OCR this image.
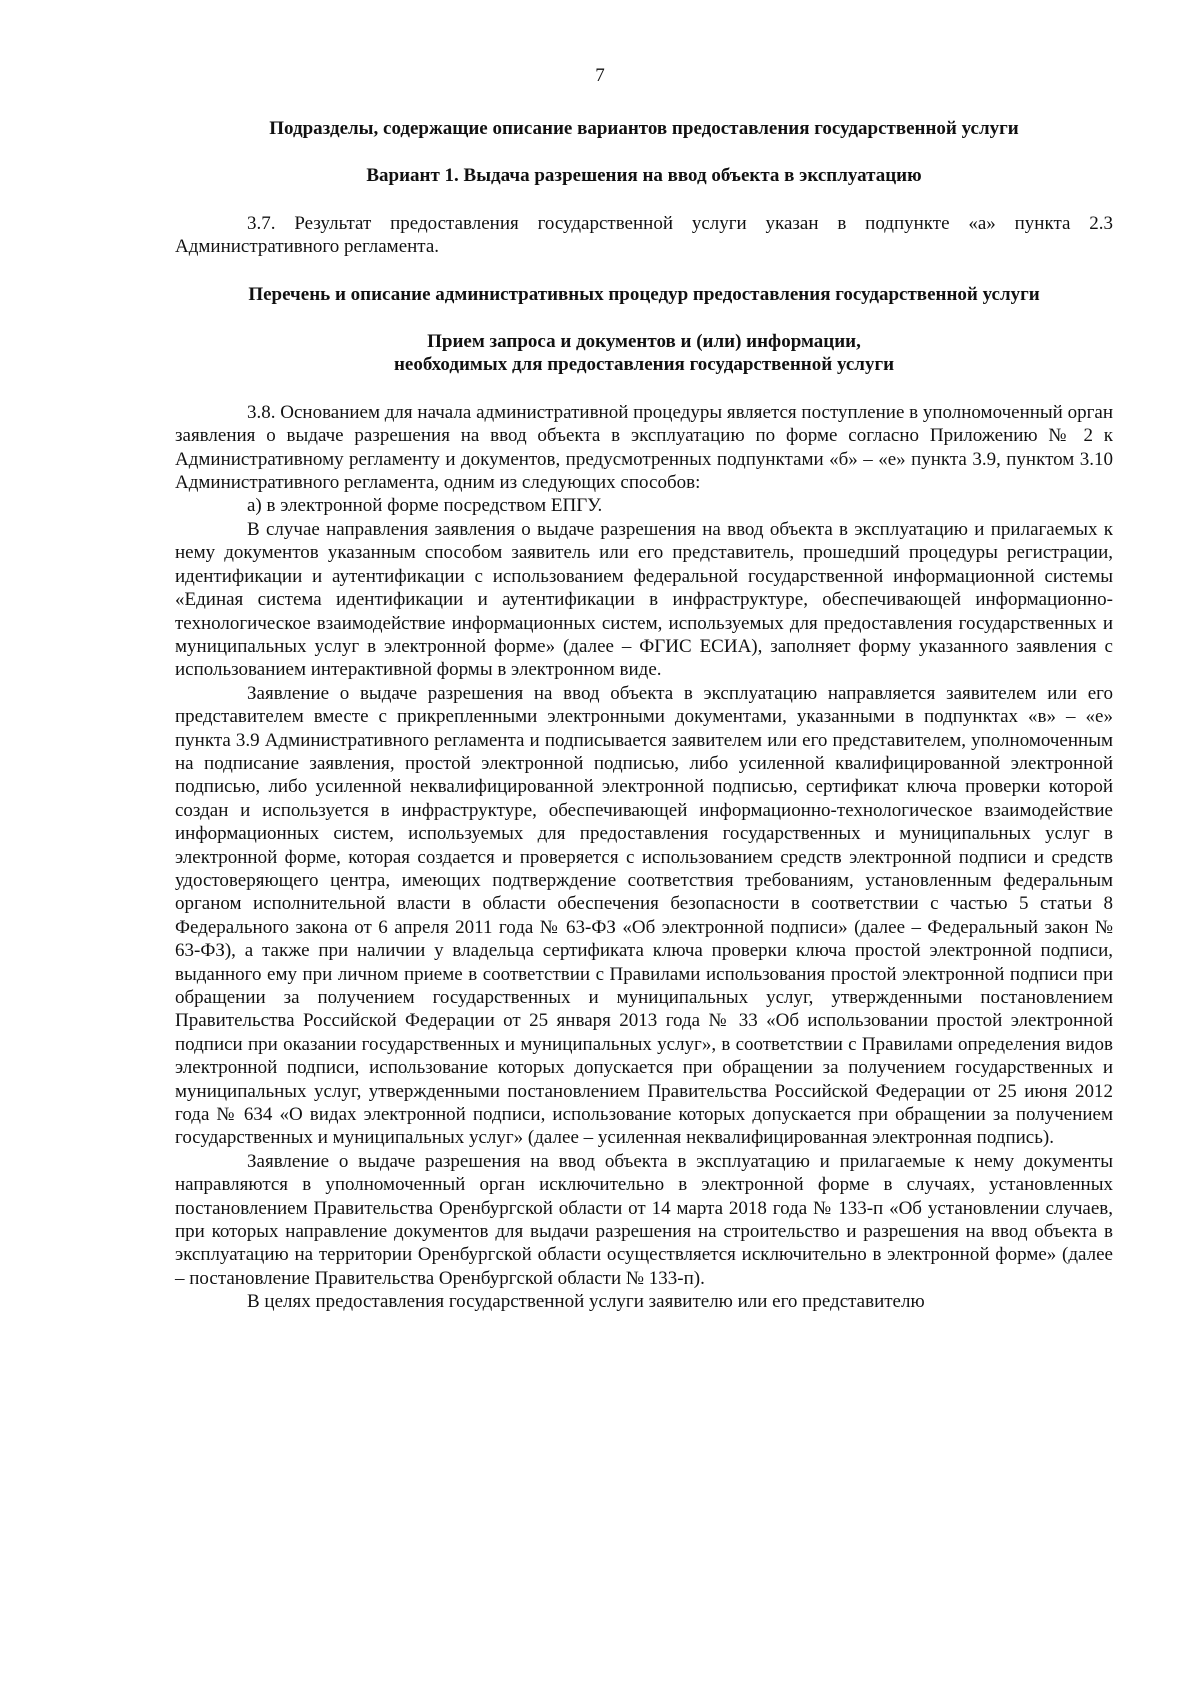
7

Подразделы, содержащие описание вариантов предоставления государственной услуги

Вариант 1. Выдача разрешения на ввод объекта в эксплуатацию

3.7. Результат предоставления государственной услуги указан в подпункте «а» пункта 2.3 Административного регламента.

Перечень и описание административных процедур предоставления государственной услуги

Прием запроса и документов и (или) информации,

необходимых для предоставления государственной услуги

3.8. Основанием для начала административной процедуры является поступление в уполномоченный орган заявления о выдаче разрешения на ввод объекта в эксплуатацию по форме согласно Приложению № 2 к Административному регламенту и документов, предусмотренных подпунктами «б» – «е» пункта 3.9, пунктом 3.10 Административного регламента, одним из следующих способов:

а) в электронной форме посредством ЕПГУ.

В случае направления заявления о выдаче разрешения на ввод объекта в эксплуатацию и прилагаемых к нему документов указанным способом заявитель или его представитель, прошедший процедуры регистрации, идентификации и аутентификации с использованием федеральной государственной информационной системы «Единая система идентификации и аутентификации в инфраструктуре, обеспечивающей информационно-технологическое взаимодействие информационных систем, используемых для предоставления государственных и муниципальных услуг в электронной форме» (далее – ФГИС ЕСИА), заполняет форму указанного заявления с использованием интерактивной формы в электронном виде.

Заявление о выдаче разрешения на ввод объекта в эксплуатацию направляется заявителем или его представителем вместе с прикрепленными электронными документами, указанными в подпунктах «в» – «е» пункта 3.9 Административного регламента и подписывается заявителем или его представителем, уполномоченным на подписание заявления, простой электронной подписью, либо усиленной квалифицированной электронной подписью, либо усиленной неквалифицированной электронной подписью, сертификат ключа проверки которой создан и используется в инфраструктуре, обеспечивающей информационно-технологическое взаимодействие информационных систем, используемых для предоставления государственных и муниципальных услуг в электронной форме, которая создается и проверяется с использованием средств электронной подписи и средств удостоверяющего центра, имеющих подтверждение соответствия требованиям, установленным федеральным органом исполнительной власти в области обеспечения безопасности в соответствии с частью 5 статьи 8 Федерального закона от 6 апреля 2011 года № 63-ФЗ «Об электронной подписи» (далее – Федеральный закон № 63-ФЗ), а также при наличии у владельца сертификата ключа проверки ключа простой электронной подписи, выданного ему при личном приеме в соответствии с Правилами использования простой электронной подписи при обращении за получением государственных и муниципальных услуг, утвержденными постановлением Правительства Российской Федерации от 25 января 2013 года № 33 «Об использовании простой электронной подписи при оказании государственных и муниципальных услуг», в соответствии с Правилами определения видов электронной подписи, использование которых допускается при обращении за получением государственных и муниципальных услуг, утвержденными постановлением Правительства Российской Федерации от 25 июня 2012 года № 634 «О видах электронной подписи, использование которых допускается при обращении за получением государственных и муниципальных услуг» (далее – усиленная неквалифицированная электронная подпись).

Заявление о выдаче разрешения на ввод объекта в эксплуатацию и прилагаемые к нему документы направляются в уполномоченный орган исключительно в электронной форме в случаях, установленных постановлением Правительства Оренбургской области от 14 марта 2018 года № 133-п «Об установлении случаев, при которых направление документов для выдачи разрешения на строительство и разрешения на ввод объекта в эксплуатацию на территории Оренбургской области осуществляется исключительно в электронной форме» (далее – постановление Правительства Оренбургской области № 133-п).

В целях предоставления государственной услуги заявителю или его представителю
